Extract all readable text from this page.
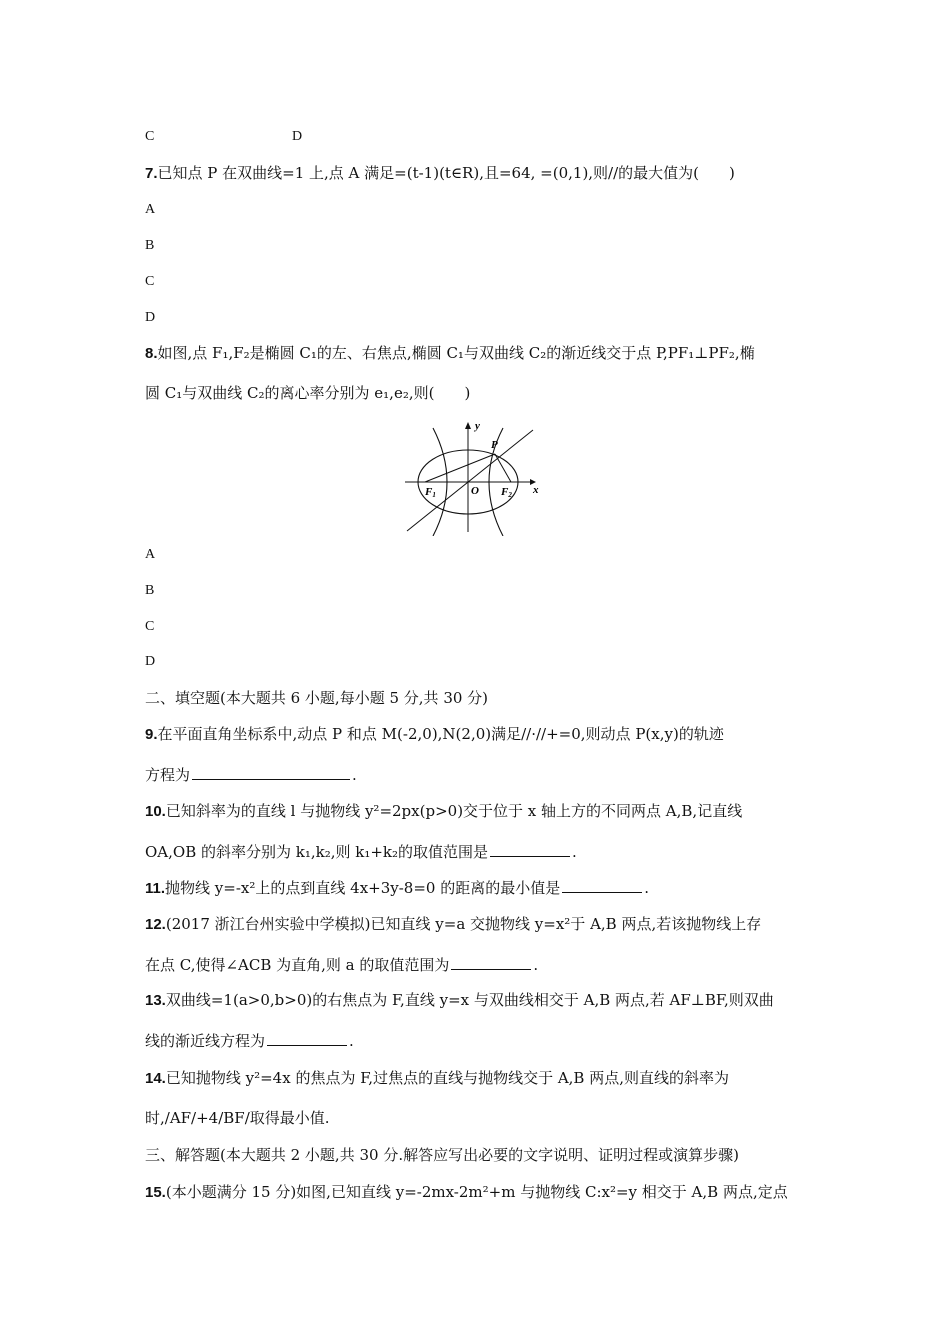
C	D
7.已知点 P 在双曲线=1 上,点 A 满足=(t-1)(t∈R),且=64, =(0,1),则//的最大值为(　　)
A
B
C
D
8.如图,点 F₁,F₂是椭圆 C₁的左、右焦点,椭圆 C₁与双曲线 C₂的渐近线交于点 P,PF₁⊥PF₂,椭
圆 C₁与双曲线 C₂的离心率分别为 e₁,e₂,则(　　)
y
x
P
O
F1	F2
A
B
C
D
二、填空题(本大题共 6 小题,每小题 5 分,共 30 分)
9.在平面直角坐标系中,动点 P 和点 M(-2,0),N(2,0)满足//·//+=0,则动点 P(x,y)的轨迹
方程为	.
10.已知斜率为的直线 l 与抛物线 y²=2px(p>0)交于位于 x 轴上方的不同两点 A,B,记直线
OA,OB 的斜率分别为 k₁,k₂,则 k₁+k₂的取值范围是	.
11.抛物线 y=-x²上的点到直线 4x+3y-8=0 的距离的最小值是	.
12.(2017 浙江台州实验中学模拟)已知直线 y=a 交抛物线 y=x²于 A,B 两点,若该抛物线上存
在点 C,使得∠ACB 为直角,则 a 的取值范围为	.
13.双曲线=1(a>0,b>0)的右焦点为 F,直线 y=x 与双曲线相交于 A,B 两点,若 AF⊥BF,则双曲
线的渐近线方程为	.
14.已知抛物线 y²=4x 的焦点为 F,过焦点的直线与抛物线交于 A,B 两点,则直线的斜率为
时,/AF/+4/BF/取得最小值.
三、解答题(本大题共 2 小题,共 30 分.解答应写出必要的文字说明、证明过程或演算步骤)
15.(本小题满分 15 分)如图,已知直线 y=-2mx-2m²+m 与抛物线 C:x²=y 相交于 A,B 两点,定点
